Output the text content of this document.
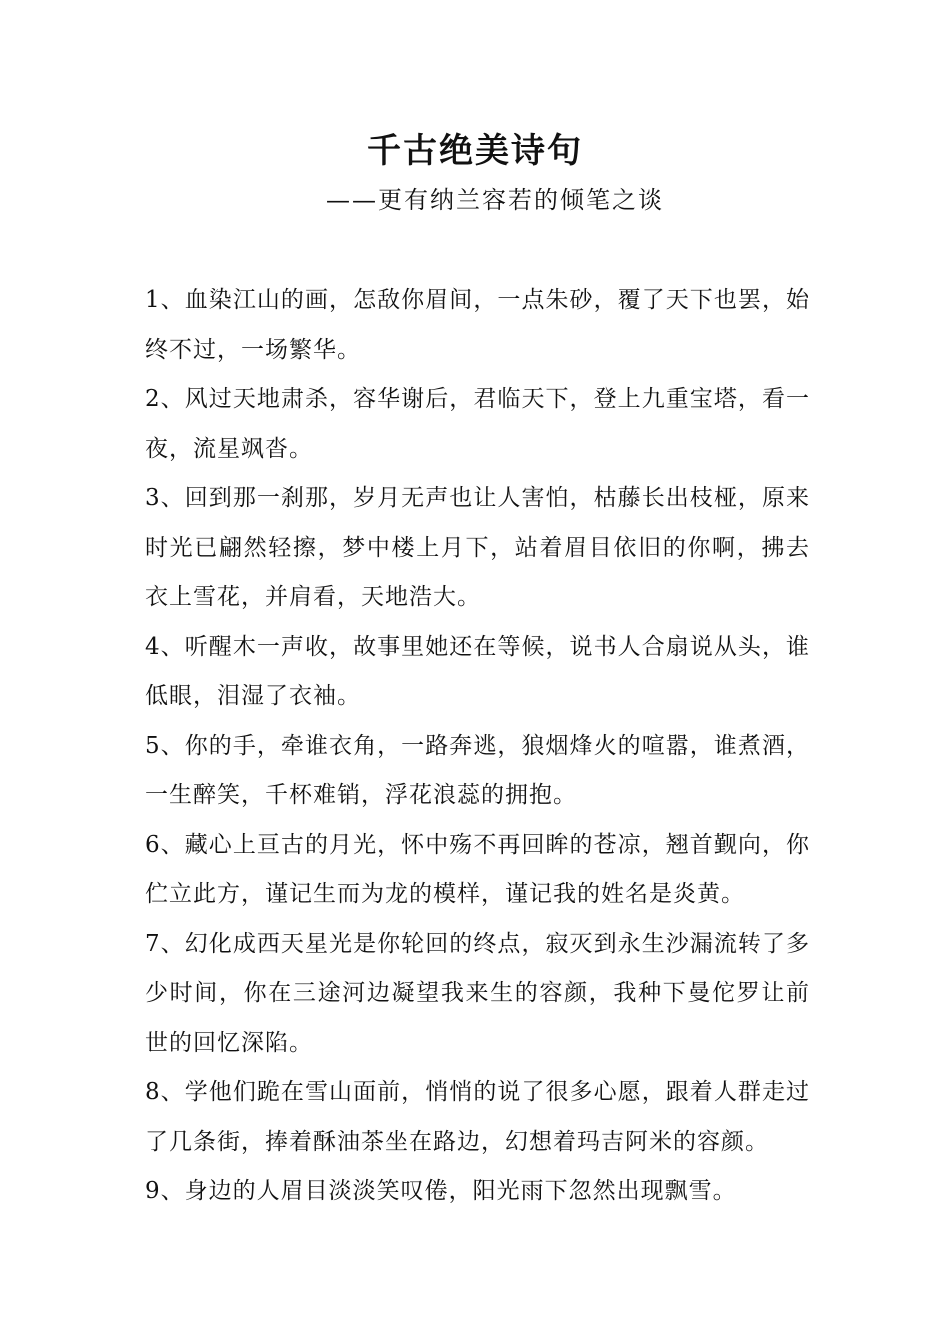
千古绝美诗句
——更有纳兰容若的倾笔之谈

1、血染江山的画，怎敌你眉间，一点朱砂，覆了天下也罢，始终不过，一场繁华。

2、风过天地肃杀，容华谢后，君临天下，登上九重宝塔，看一夜，流星飒沓。

3、回到那一刹那，岁月无声也让人害怕，枯藤长出枝桠，原来时光已翩然轻擦，梦中楼上月下，站着眉目依旧的你啊，拂去衣上雪花，并肩看，天地浩大。

4、听醒木一声收，故事里她还在等候，说书人合扇说从头，谁低眼，泪湿了衣袖。

5、你的手，牵谁衣角，一路奔逃，狼烟烽火的喧嚣，谁煮酒，一生醉笑，千杯难销，浮花浪蕊的拥抱。

6、藏心上亘古的月光，怀中殇不再回眸的苍凉，翘首觐向，你伫立此方，谨记生而为龙的模样，谨记我的姓名是炎黄。

7、幻化成西天星光是你轮回的终点，寂灭到永生沙漏流转了多少时间，你在三途河边凝望我来生的容颜，我种下曼佗罗让前世的回忆深陷。

8、学他们跪在雪山面前，悄悄的说了很多心愿，跟着人群走过了几条街，捧着酥油茶坐在路边，幻想着玛吉阿米的容颜。

9、身边的人眉目淡淡笑叹倦，阳光雨下忽然出现飘雪。
